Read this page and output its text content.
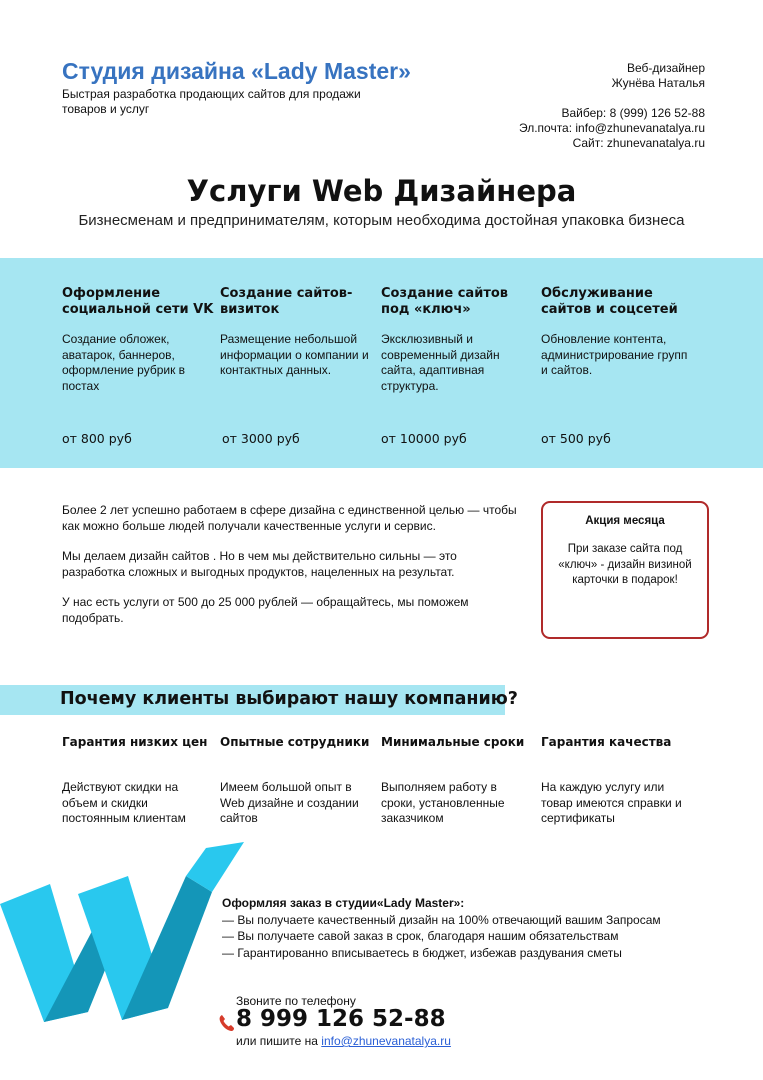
Студия дизайна «Lady Master»
Быстрая разработка продающих сайтов для продажи товаров и услуг
Веб-дизайнер
Жунёва Наталья
Вайбер: 8 (999) 126 52-88
Эл.почта: info@zhunevanatalya.ru
Сайт: zhunevanatalya.ru
Услуги Web Дизайнера
Бизнесменам и предпринимателям, которым необходима достойная упаковка бизнеса
Оформление социальной сети VK
Создание обложек, аватарок, баннеров, оформление рубрик в постах
от 800 руб
Создание сайтов-визиток
Размещение небольшой информации о компании и контактных данных.
от 3000 руб
Создание сайтов под «ключ»
Эксклюзивный и современный дизайн сайта, адаптивная структура.
от 10000 руб
Обслуживание сайтов и соцсетей
Обновление контента, администрирование групп и сайтов.
от 500 руб

Более 2 лет успешно работаем в сфере дизайна с единственной целью — чтобы как можно больше людей получали качественные услуги и сервис.

Мы делаем дизайн сайтов . Но в чем мы действительно сильны — это разработка сложных и выгодных продуктов, нацеленных на результат.

У нас есть услуги от 500 до 25 000 рублей — обращайтесь, мы поможем подобрать.

Акция месяца
При заказе сайта под «ключ» - дизайн визиной карточки в подарок!
Почему клиенты выбирают нашу компанию?
Гарантия низких цен
Действуют скидки на объем и скидки постоянным клиентам
Опытные сотрудники
Имеем большой опыт в Web дизайне и создании сайтов
Минимальные сроки
Выполняем работу в сроки, установленные заказчиком
Гарантия качества
На каждую услугу или товар имеются справки и сертификаты
Оформляя заказ в студии«Lady Master»:
— Вы получаете качественный дизайн на 100% отвечающий вашим Запросам
— Вы получаете савой заказ в срок, благодаря нашим обязательствам
— Гарантированно вписываетесь в бюджет, избежав раздувания сметы
Звоните по телефону
8 999 126 52-88
или пишите на info@zhunevanatalya.ru
